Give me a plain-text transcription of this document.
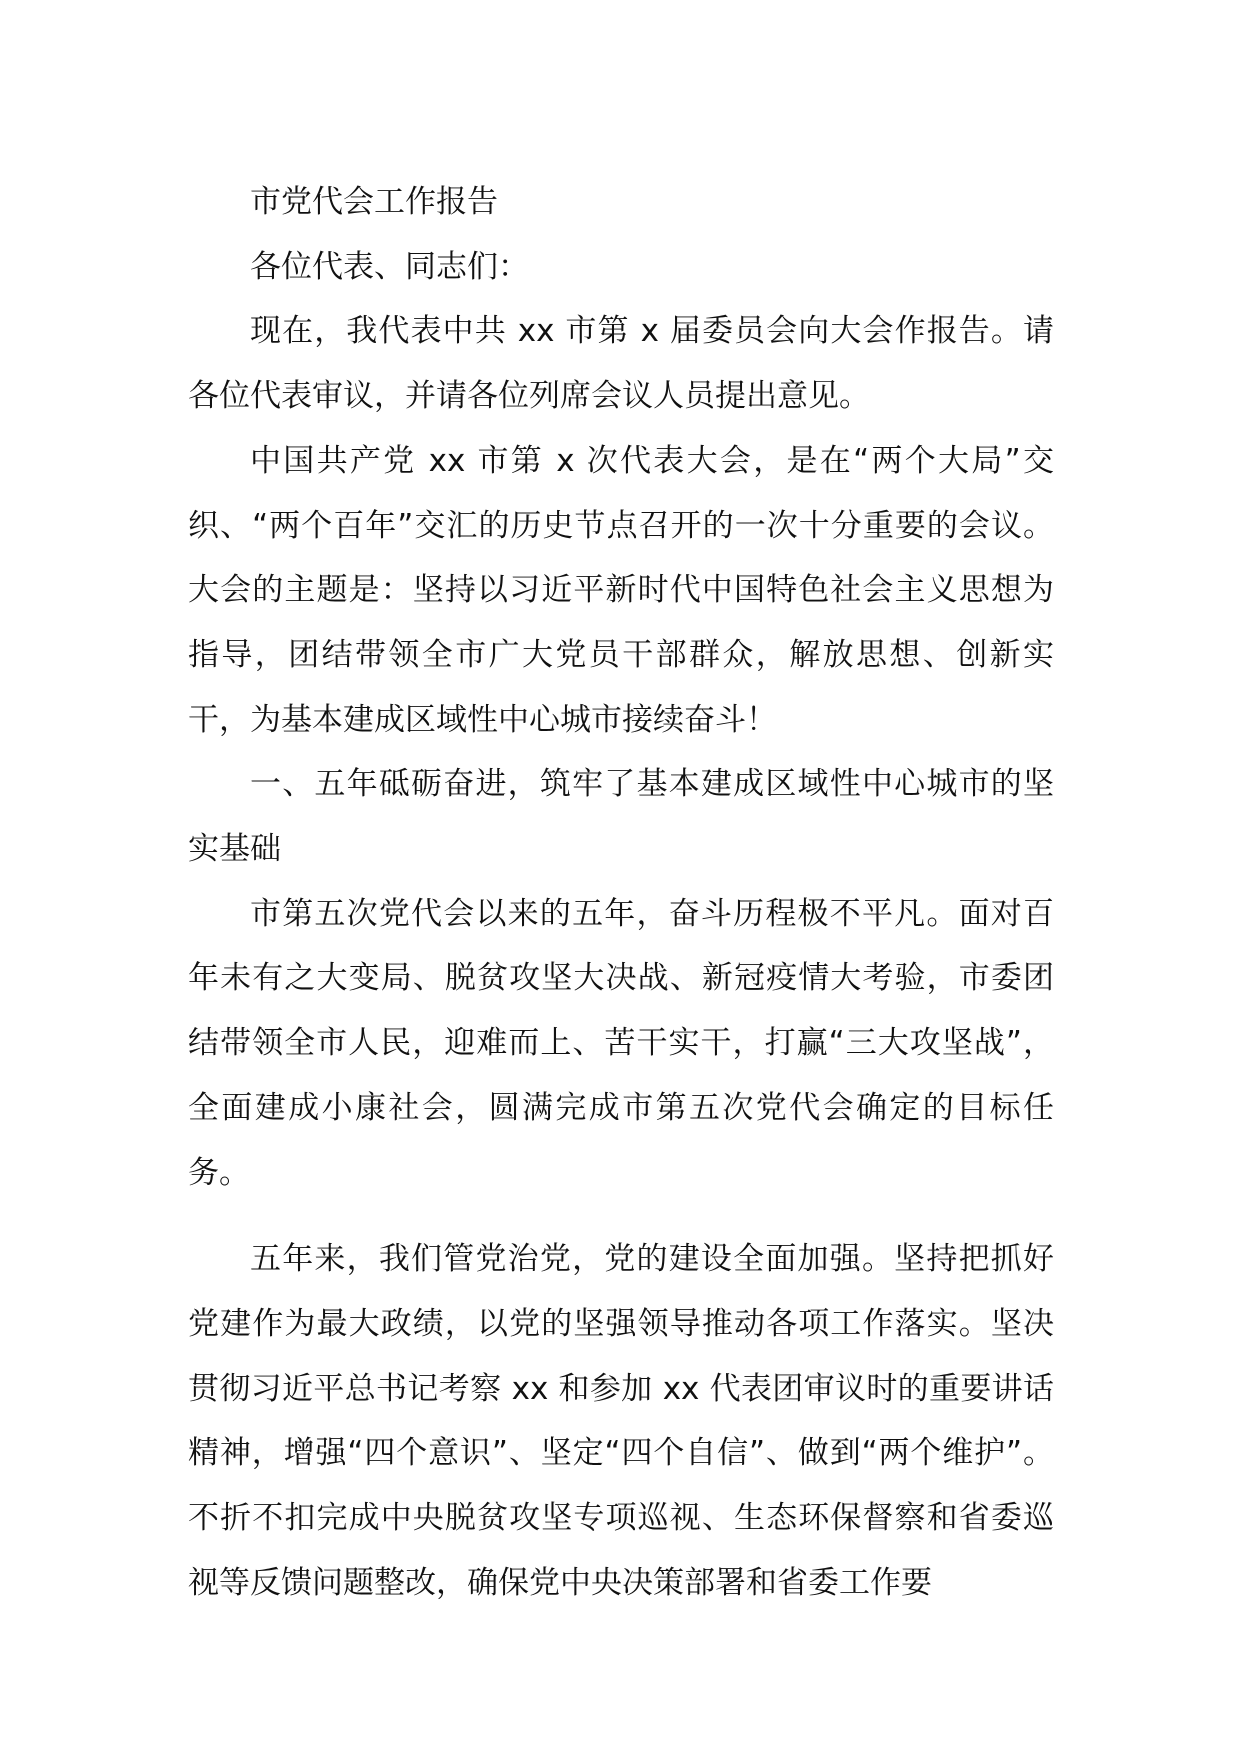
市党代会工作报告

各位代表、同志们：

现在，我代表中共 xx 市第 x 届委员会向大会作报告。请各位代表审议，并请各位列席会议人员提出意见。

中国共产党 xx 市第 x 次代表大会，是在“两个大局”交织、“两个百年”交汇的历史节点召开的一次十分重要的会议。大会的主题是：坚持以习近平新时代中国特色社会主义思想为指导，团结带领全市广大党员干部群众，解放思想、创新实干，为基本建成区域性中心城市接续奋斗！

一、五年砥砺奋进，筑牢了基本建成区域性中心城市的坚实基础

市第五次党代会以来的五年，奋斗历程极不平凡。面对百年未有之大变局、脱贫攻坚大决战、新冠疫情大考验，市委团结带领全市人民，迎难而上、苦干实干，打赢“三大攻坚战”，全面建成小康社会，圆满完成市第五次党代会确定的目标任务。

五年来，我们管党治党，党的建设全面加强。坚持把抓好党建作为最大政绩，以党的坚强领导推动各项工作落实。坚决贯彻习近平总书记考察 xx 和参加 xx 代表团审议时的重要讲话精神，增强“四个意识”、坚定“四个自信”、做到“两个维护”。不折不扣完成中央脱贫攻坚专项巡视、生态环保督察和省委巡视等反馈问题整改，确保党中央决策部署和省委工作要
